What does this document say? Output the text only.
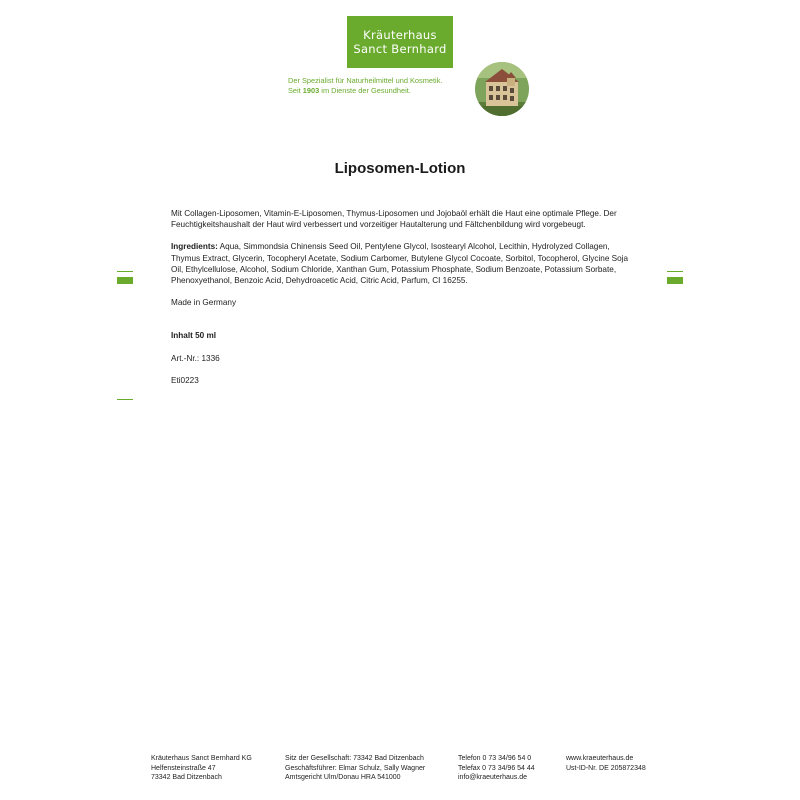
Kräuterhaus
Sanct Bernhard
Der Spezialist für Naturheilmittel und Kosmetik.
Seit 1903 im Dienste der Gesundheit.
Liposomen-Lotion

Mit Collagen-Liposomen, Vitamin-E-Liposomen, Thymus-Liposomen und Jojobaöl erhält die Haut eine optimale Pflege. Der Feuchtigkeitshaushalt der Haut wird verbessert und vorzeitiger Hautalterung und Fältchenbildung wird vorgebeugt.

Ingredients: Aqua, Simmondsia Chinensis Seed Oil, Pentylene Glycol, Isostearyl Alcohol, Lecithin, Hydrolyzed Collagen, Thymus Extract, Glycerin, Tocopheryl Acetate, Sodium Carbomer, Butylene Glycol Cocoate, Sorbitol, Tocopherol, Glycine Soja Oil, Ethylcellulose, Alcohol, Sodium Chloride, Xanthan Gum, Potassium Phosphate, Sodium Benzoate, Potassium Sorbate, Phenoxyethanol, Benzoic Acid, Dehydroacetic Acid, Citric Acid, Parfum, CI 16255.

Made in Germany

Inhalt 50 ml

Art.-Nr.: 1336

Eti0223

Kräuterhaus Sanct Bernhard KG
Helfensteinstraße 47
73342 Bad Ditzenbach
Sitz der Gesellschaft: 73342 Bad Ditzenbach
Geschäftsführer: Elmar Schulz, Sally Wagner
Amtsgericht Ulm/Donau HRA 541000
Telefon 0 73 34/96 54 0
Telefax 0 73 34/96 54 44
info@kraeuterhaus.de
www.kraeuterhaus.de
Ust-ID-Nr. DE 205872348
